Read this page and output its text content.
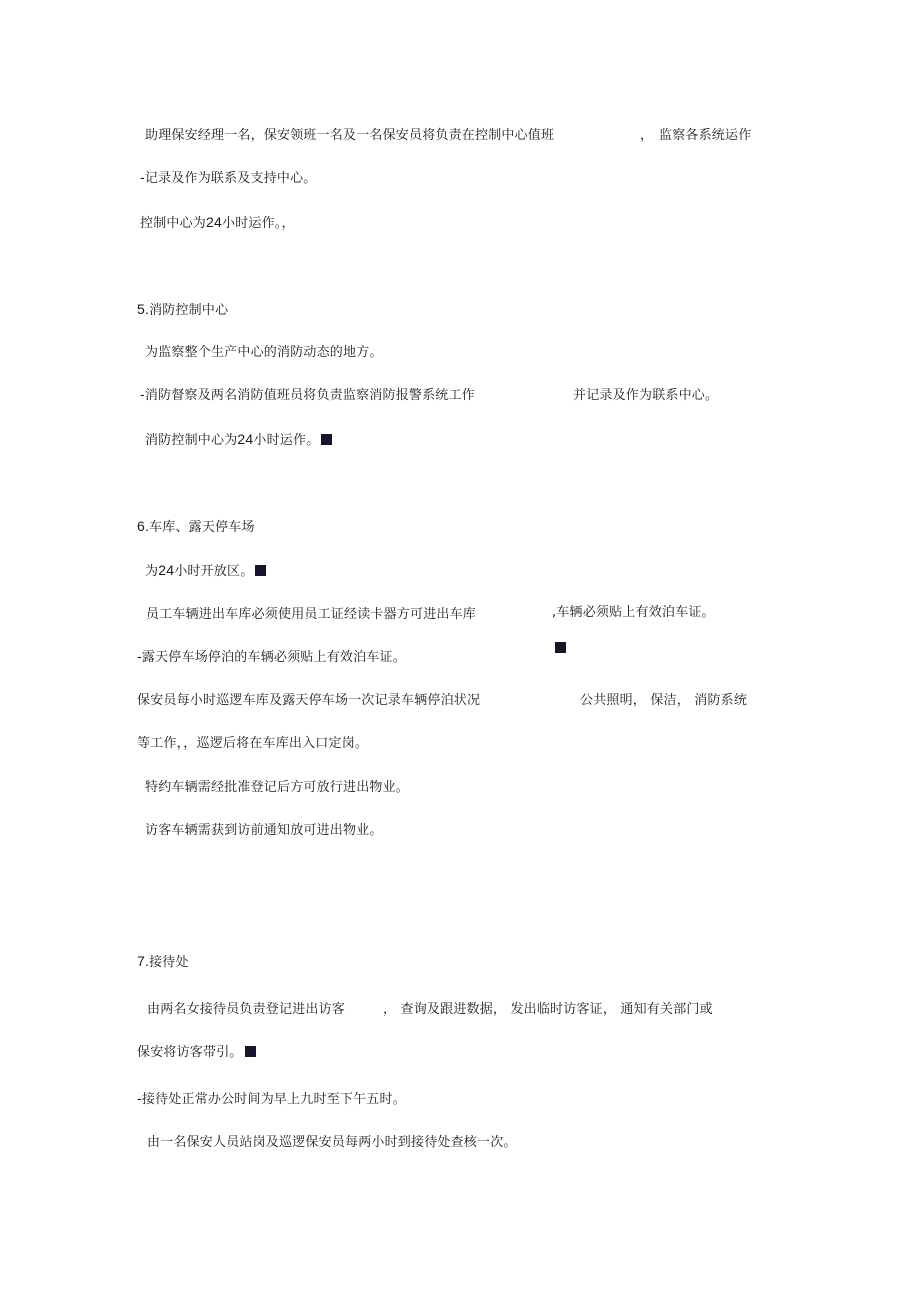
助理保安经理一名，保安领班一名及一名保安员将负责在控制中心值班	， 监察各系统运作
-记录及作为联系及支持中心。
控制中心为24小时运作。，
5.消防控制中心
为监察整个生产中心的消防动态的地方。
-消防督察及两名消防值班员将负责监察消防报警系统工作	并记录及作为联系中心。
消防控制中心为24小时运作。
6.车库、露天停车场
为24小时开放区。
员工车辆进出车库必须使用员工证经读卡器方可进出车库	,车辆必须贴上有效泊车证。
-露天停车场停泊的车辆必须贴上有效泊车证。
保安员每小时巡逻车库及露天停车场一次记录车辆停泊状况	公共照明， 保洁， 消防系统
等工作，，巡逻后将在车库出入口定岗。
特约车辆需经批准登记后方可放行进出物业。
访客车辆需获到访前通知放可进出物业。
7.接待处
由两名女接待员负责登记进出访客	， 查询及跟进数据， 发出临时访客证， 通知有关部门或
保安将访客带引。
-接待处正常办公时间为早上九时至下午五时。
由一名保安人员站岗及巡逻保安员每两小时到接待处查核一次。
